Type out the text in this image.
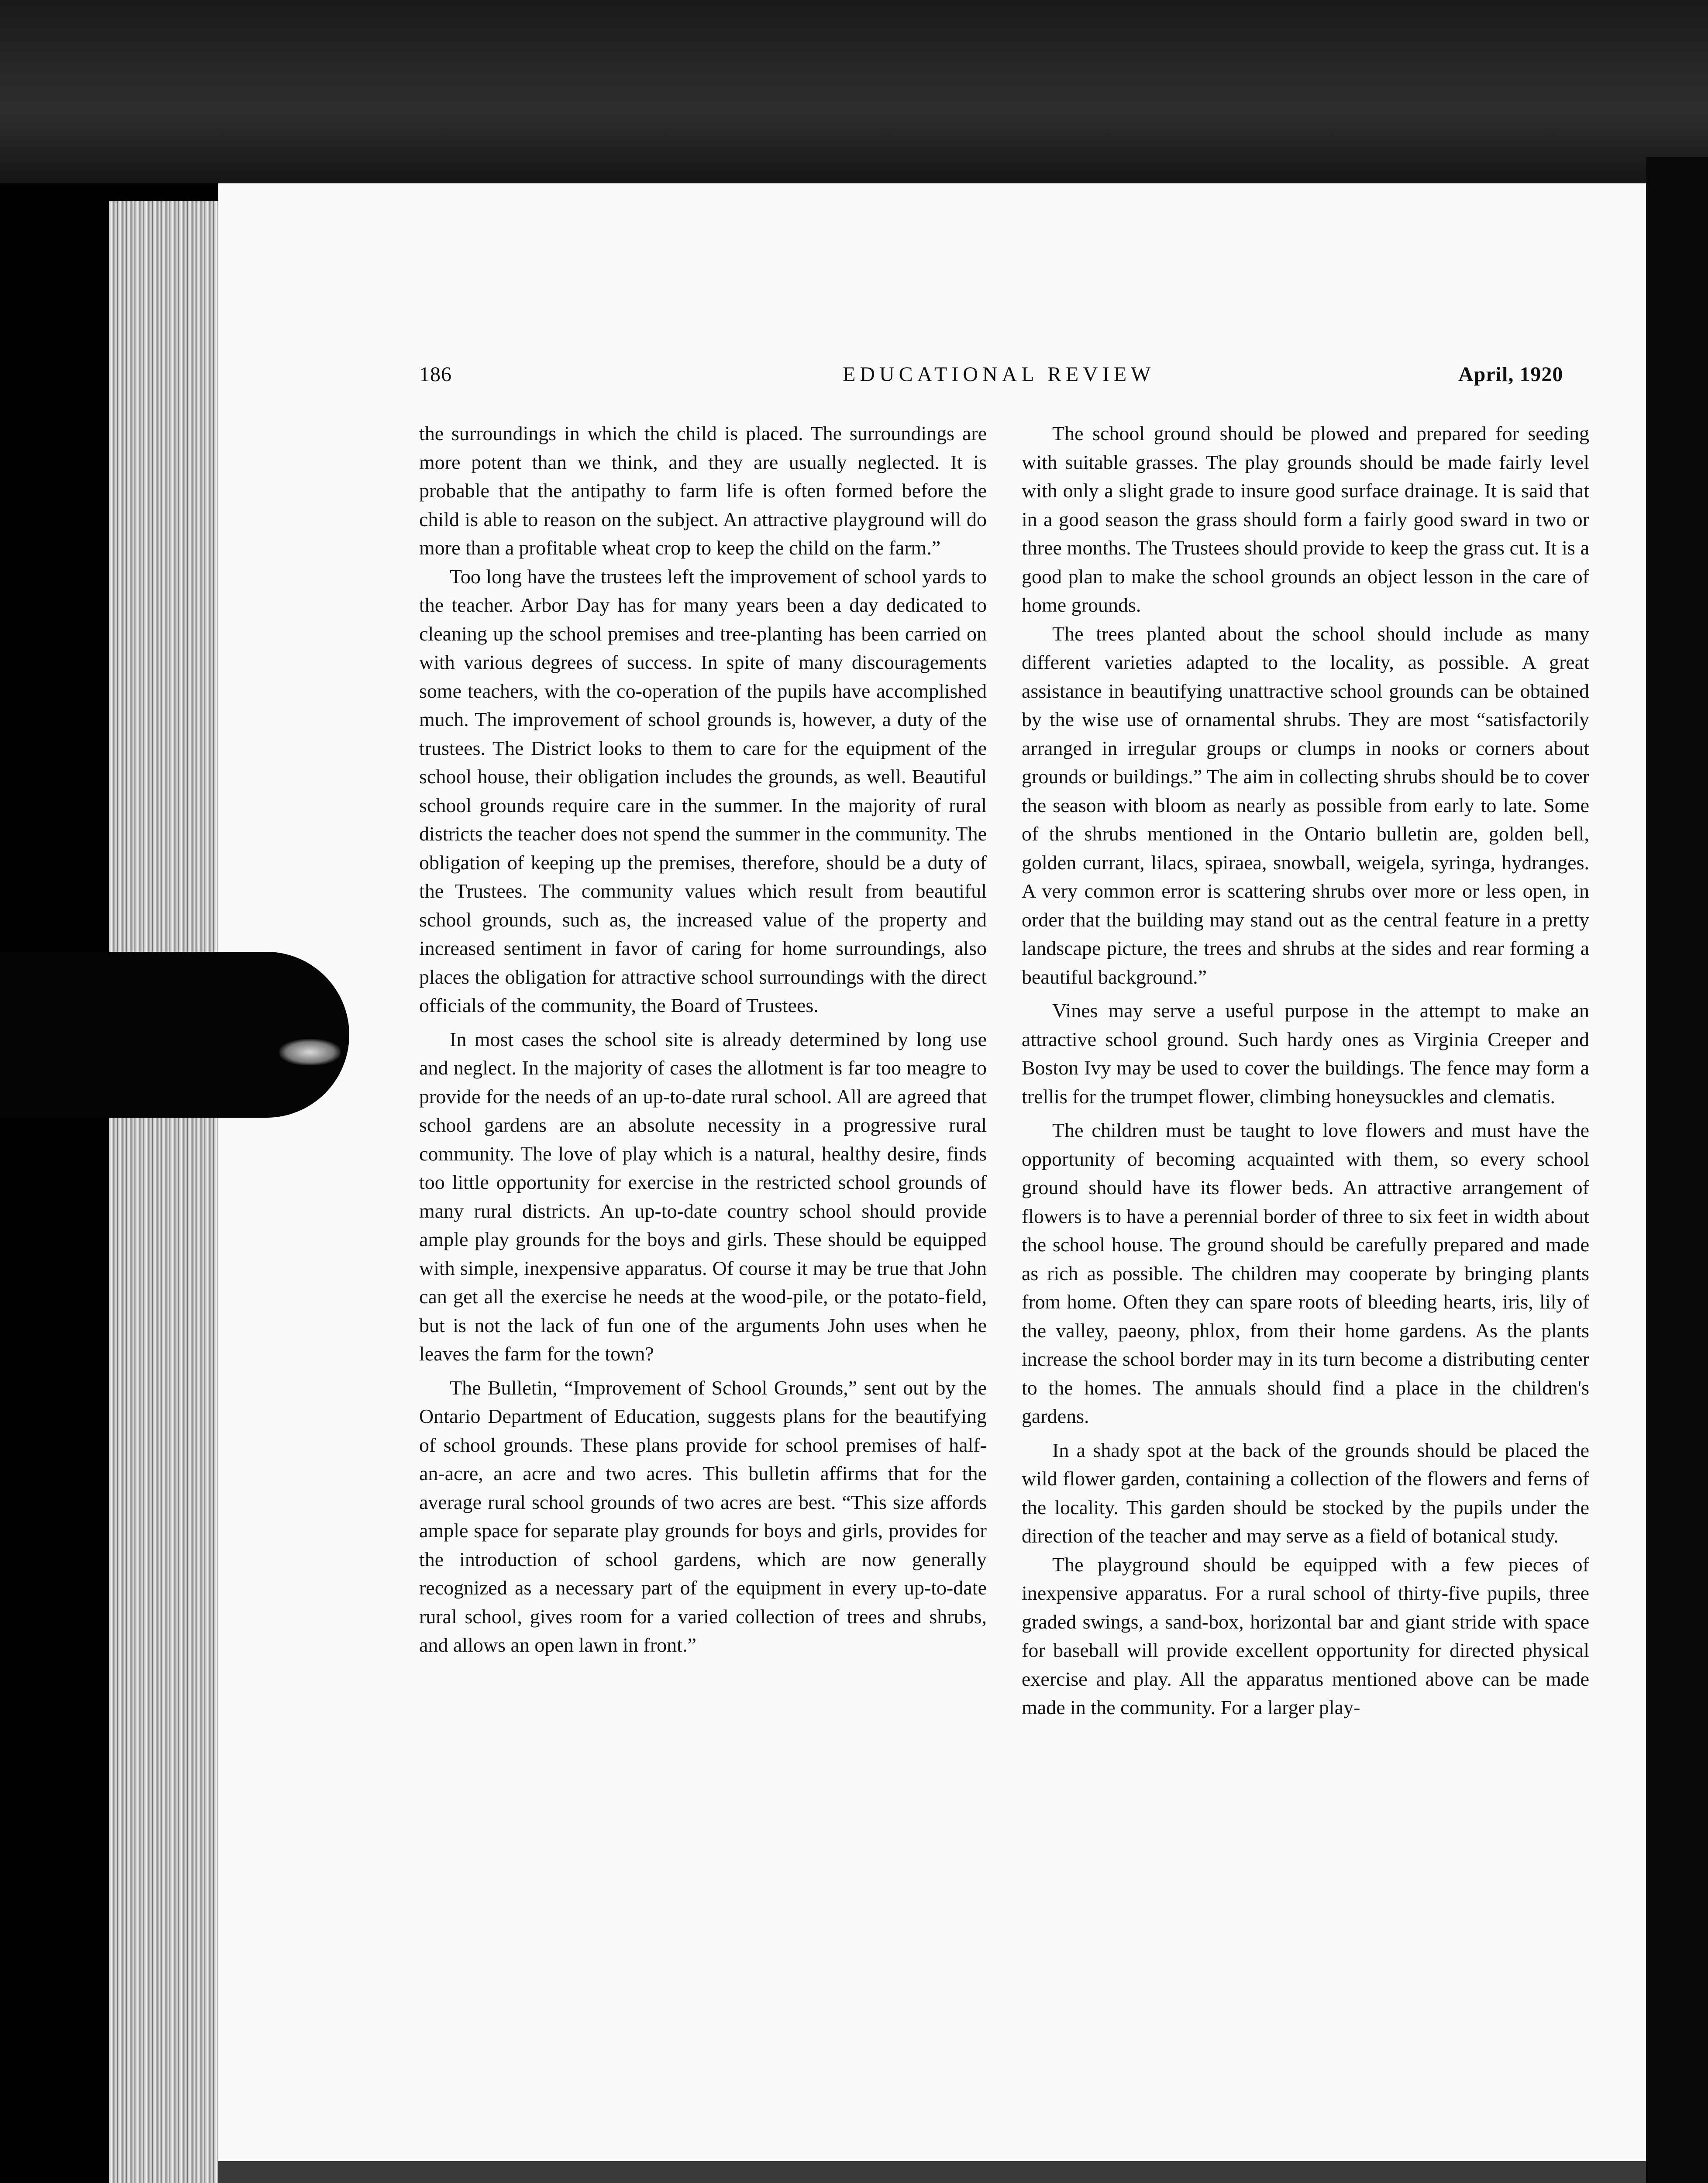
186	EDUCATIONAL REVIEW	April, 1920

the surroundings in which the child is placed. The surroundings are more potent than we think, and they are usually neglected. It is probable that the antipathy to farm life is often formed before the child is able to reason on the subject. An attractive playground will do more than a profitable wheat crop to keep the child on the farm.”

Too long have the trustees left the improvement of school yards to the teacher. Arbor Day has for many years been a day dedicated to cleaning up the school premises and tree-planting has been carried on with various degrees of success. In spite of many discouragements some teachers, with the co-operation of the pupils have accomplished much. The improvement of school grounds is, however, a duty of the trustees. The District looks to them to care for the equipment of the school house, their obligation includes the grounds, as well. Beautiful school grounds require care in the summer. In the majority of rural districts the teacher does not spend the summer in the community. The obligation of keeping up the premises, therefore, should be a duty of the Trustees. The community values which result from beautiful school grounds, such as, the increased value of the property and increased sentiment in favor of caring for home surroundings, also places the obligation for attractive school surroundings with the direct officials of the community, the Board of Trustees.

In most cases the school site is already determined by long use and neglect. In the majority of cases the allotment is far too meagre to provide for the needs of an up-to-date rural school. All are agreed that school gardens are an absolute necessity in a progressive rural community. The love of play which is a natural, healthy desire, finds too little opportunity for exercise in the restricted school grounds of many rural districts. An up-to-date country school should provide ample play grounds for the boys and girls. These should be equipped with simple, inexpensive apparatus. Of course it may be true that John can get all the exercise he needs at the wood-pile, or the potato-field, but is not the lack of fun one of the arguments John uses when he leaves the farm for the town?

The Bulletin, “Improvement of School Grounds,” sent out by the Ontario Department of Education, suggests plans for the beautifying of school grounds. These plans provide for school premises of half-an-acre, an acre and two acres. This bulletin affirms that for the average rural school grounds of two acres are best. “This size affords ample space for separate play grounds for boys and girls, provides for the introduction of school gardens, which are now generally recognized as a necessary part of the equipment in every up-to-date rural school, gives room for a varied collection of trees and shrubs, and allows an open lawn in front.”

The school ground should be plowed and prepared for seeding with suitable grasses. The play grounds should be made fairly level with only a slight grade to insure good surface drainage. It is said that in a good season the grass should form a fairly good sward in two or three months. The Trustees should provide to keep the grass cut. It is a good plan to make the school grounds an object lesson in the care of home grounds.

The trees planted about the school should include as many different varieties adapted to the locality, as possible. A great assistance in beautifying unattractive school grounds can be obtained by the wise use of ornamental shrubs. They are most “satisfactorily arranged in irregular groups or clumps in nooks or corners about grounds or buildings.” The aim in collecting shrubs should be to cover the season with bloom as nearly as possible from early to late. Some of the shrubs mentioned in the Ontario bulletin are, golden bell, golden currant, lilacs, spiraea, snowball, weigela, syringa, hydranges. A very common error is scattering shrubs over more or less open, in order that the building may stand out as the central feature in a pretty landscape picture, the trees and shrubs at the sides and rear forming a beautiful background.”

Vines may serve a useful purpose in the attempt to make an attractive school ground. Such hardy ones as Virginia Creeper and Boston Ivy may be used to cover the buildings. The fence may form a trellis for the trumpet flower, climbing honeysuckles and clematis.

The children must be taught to love flowers and must have the opportunity of becoming acquainted with them, so every school ground should have its flower beds. An attractive arrangement of flowers is to have a perennial border of three to six feet in width about the school house. The ground should be carefully prepared and made as rich as possible. The children may cooperate by bringing plants from home. Often they can spare roots of bleeding hearts, iris, lily of the valley, paeony, phlox, from their home gardens. As the plants increase the school border may in its turn become a distributing center to the homes. The annuals should find a place in the children's gardens.

In a shady spot at the back of the grounds should be placed the wild flower garden, containing a collection of the flowers and ferns of the locality. This garden should be stocked by the pupils under the direction of the teacher and may serve as a field of botanical study.

The playground should be equipped with a few pieces of inexpensive apparatus. For a rural school of thirty-five pupils, three graded swings, a sand-box, horizontal bar and giant stride with space for baseball will provide excellent opportunity for directed physical exercise and play. All the apparatus mentioned above can be made made in the community. For a larger play-
